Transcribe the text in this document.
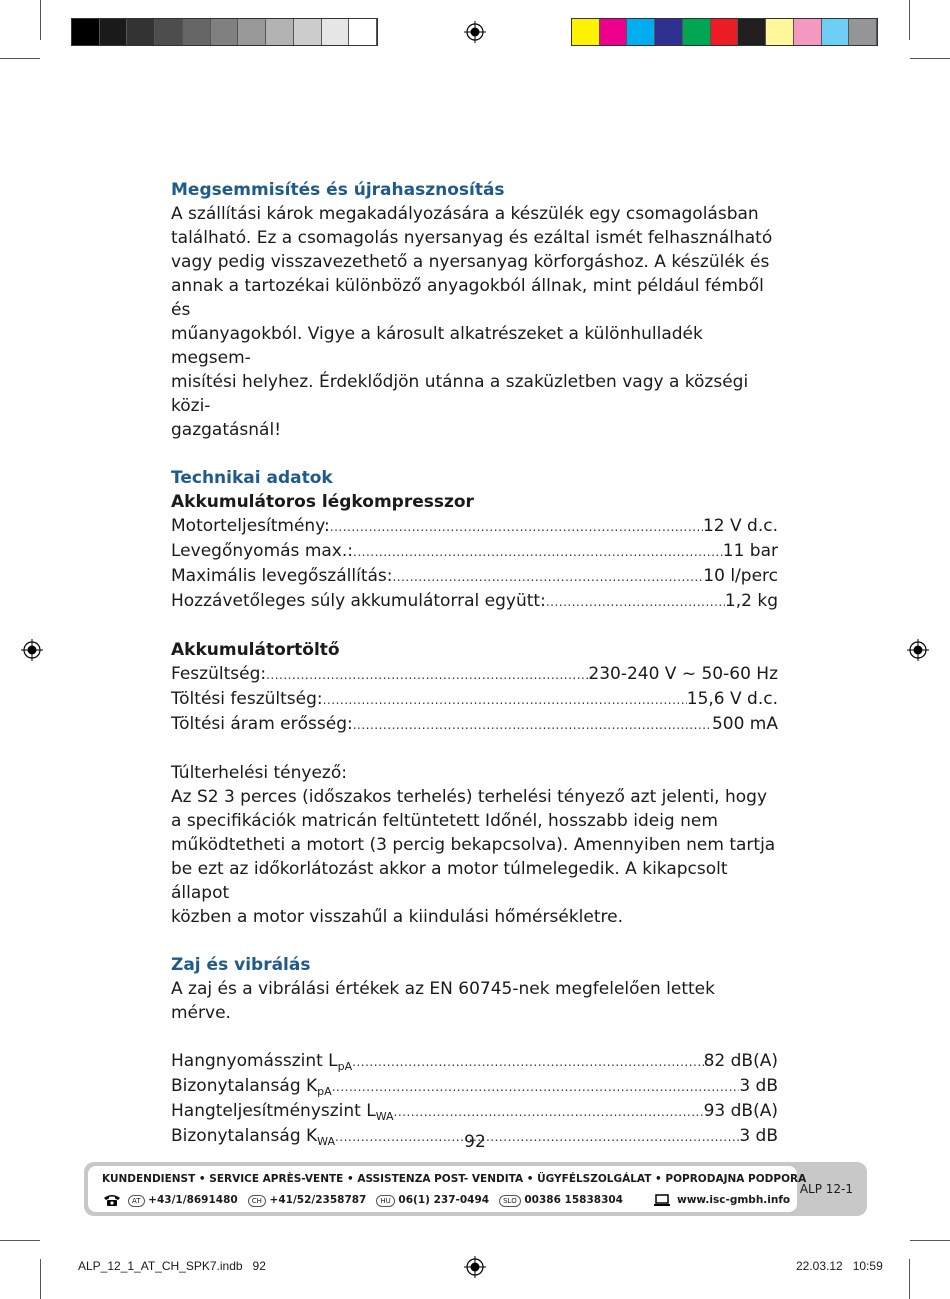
Megsemmisítés és újrahasznosítás

A szállítási károk megakadályozására a készülék egy csomagolásban

található. Ez a csomagolás nyersanyag és ezáltal ismét felhasználható

vagy pedig visszavezethető a nyersanyag körforgáshoz. A készülék és

annak a tartozékai különböző anyagokból állnak, mint például fémből és

műanyagokból. Vigye a károsult alkatrészeket a különhulladék megsem-

misítési helyhez. Érdeklődjön utánna a szaküzletben vagy a községi közi-

gazgatásnál!

Technikai adatok

Akkumulátoros légkompresszor

Motorteljesítmény: .....	12 V d.c.
Levegőnyomás max.: .....	11 bar
Maximális levegőszállítás: .....	10 l/perc
Hozzávetőleges súly akkumulátorral együtt: .....	1,2 kg

Akkumulátortöltő

Feszültség: .....	230-240 V ~ 50-60 Hz
Töltési feszültség: .....	15,6 V d.c.
Töltési áram erősség: .....	500 mA

Túlterhelési tényező:

Az S2 3 perces (időszakos terhelés) terhelési tényező azt jelenti, hogy

a specifikációk matricán feltüntetett Időnél, hosszabb ideig nem

működtetheti a motort (3 percig bekapcsolva). Amennyiben nem tartja

be ezt az időkorlátozást akkor a motor túlmelegedik. A kikapcsolt állapot

közben a motor visszahűl a kiindulási hőmérsékletre.

Zaj és vibrálás

A zaj és a vibrálási értékek az EN 60745-nek megfelelően lettek mérve.

Hangnyomásszint $L_{pA}$ .....	82 dB(A)
Bizonytalanság $K_{pA}$ .....	3 dB
Hangteljesítményszint $L_{WA}$ .....	93 dB(A)
Bizonytalanság $K_{WA}$ .....	3 dB
92
KUNDENDIENST • SERVICE APRÈS-VENTE • ASSISTENZA POST- VENDITA • ÜGYFÉLSZOLGÁLAT • POPRODAJNA PODPORA
AT +43/1/8691480	CH +41/52/2358787	HU 06(1) 237-0494	SLO 00386 15838304	www.isc-gmbh.info
ALP 12-1
ALP_12_1_AT_CH_SPK7.indb   92	22.03.12   10:59
